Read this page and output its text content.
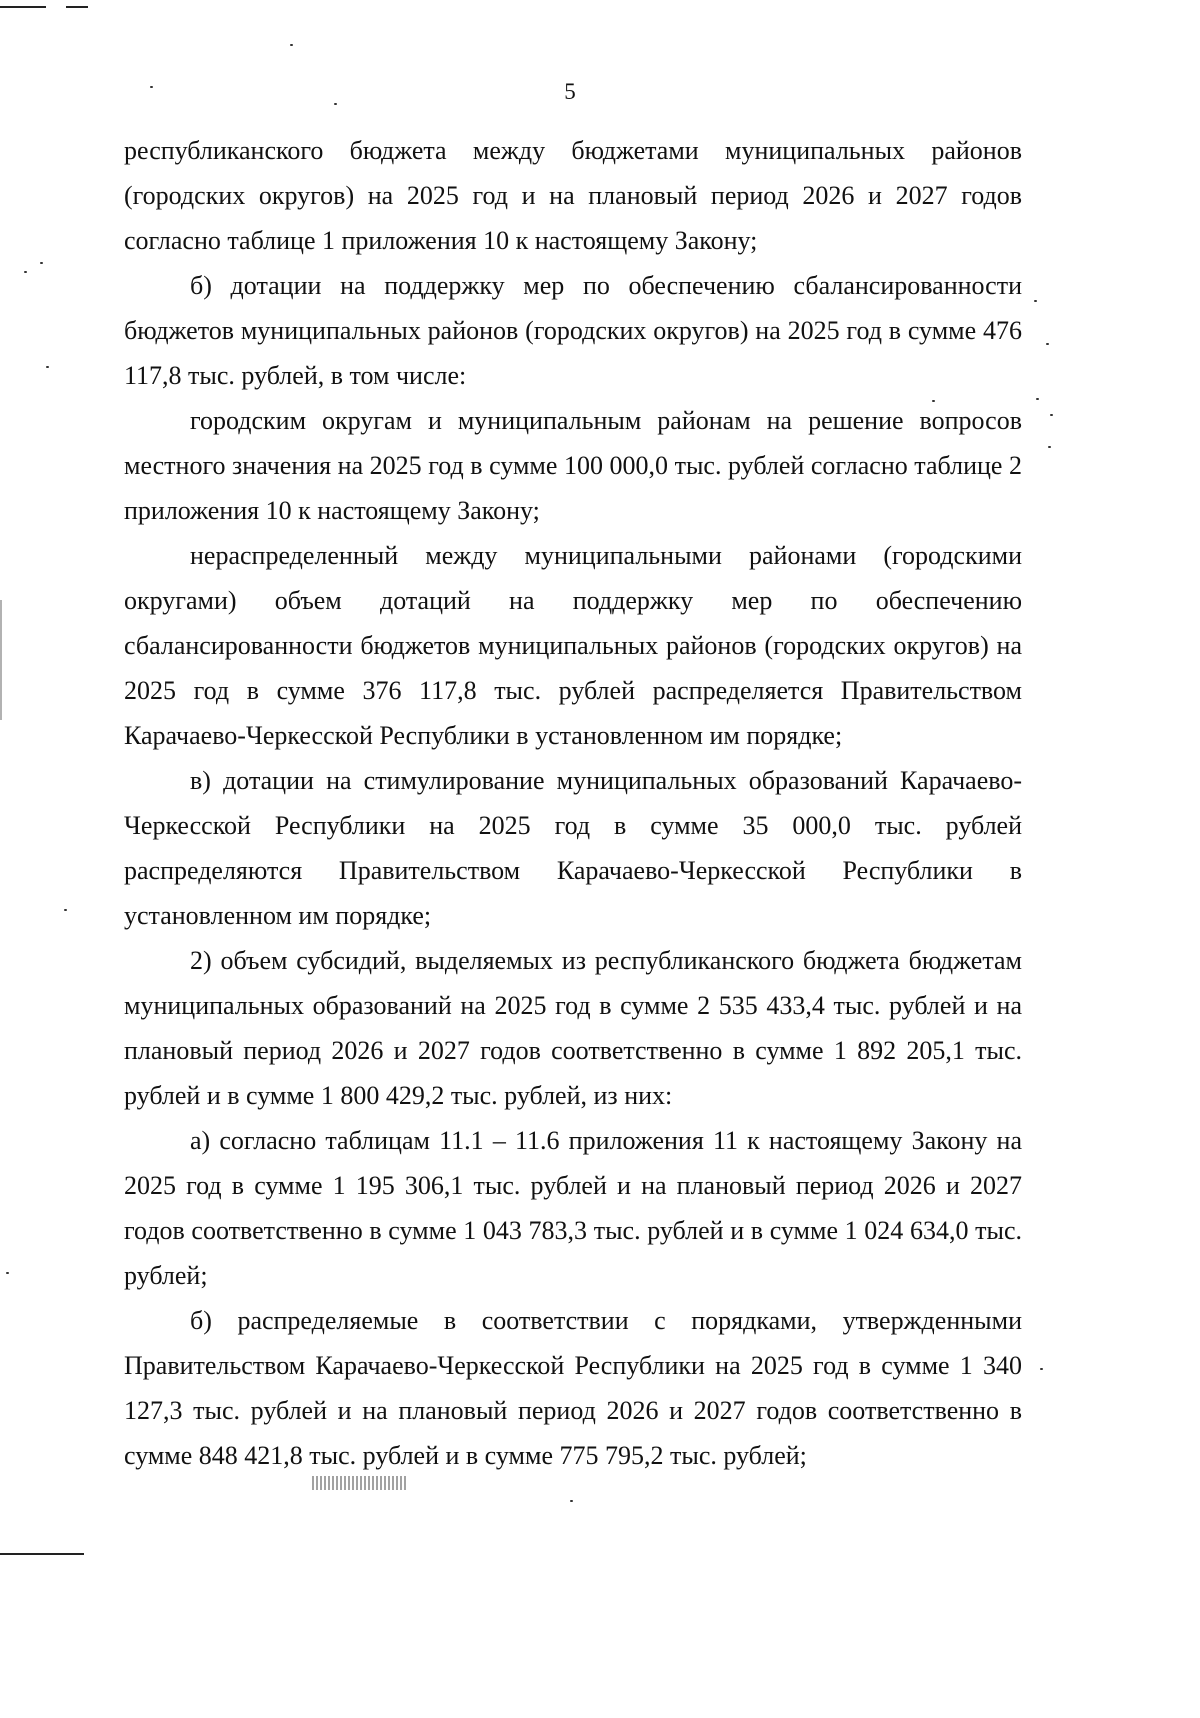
5

республиканского бюджета между бюджетами муниципальных районов (городских округов) на 2025 год и на плановый период 2026 и 2027 годов согласно таблице 1 приложения 10 к настоящему Закону;

б) дотации на поддержку мер по обеспечению сбалансированности бюджетов муниципальных районов (городских округов) на 2025 год в сумме 476 117,8 тыс. рублей, в том числе:

городским округам и муниципальным районам на решение вопросов местного значения на 2025 год в сумме 100 000,0 тыс. рублей согласно таблице 2 приложения 10 к настоящему Закону;

нераспределенный между муниципальными районами (городскими округами) объем дотаций на поддержку мер по обеспечению сбалансированности бюджетов муниципальных районов (городских округов) на 2025 год в сумме 376 117,8 тыс. рублей распределяется Правительством Карачаево-Черкесской Республики в установленном им порядке;

в) дотации на стимулирование муниципальных образований Карачаево-Черкесской Республики на 2025 год в сумме 35 000,0 тыс. рублей распределяются Правительством Карачаево-Черкесской Республики в установленном им порядке;

2) объем субсидий, выделяемых из республиканского бюджета бюджетам муниципальных образований на 2025 год в сумме 2 535 433,4 тыс. рублей и на плановый период 2026 и 2027 годов соответственно в сумме 1 892 205,1 тыс. рублей и в сумме 1 800 429,2 тыс. рублей, из них:

а) согласно таблицам 11.1 – 11.6 приложения 11 к настоящему Закону на 2025 год в сумме 1 195 306,1 тыс. рублей и на плановый период 2026 и 2027 годов соответственно в сумме 1 043 783,3 тыс. рублей и в сумме 1 024 634,0 тыс. рублей;

б) распределяемые в соответствии с порядками, утвержденными Правительством Карачаево-Черкесской Республики на 2025 год в сумме 1 340 127,3 тыс. рублей и на плановый период 2026 и 2027 годов соответственно в сумме 848 421,8 тыс. рублей и в сумме 775 795,2 тыс. рублей;
